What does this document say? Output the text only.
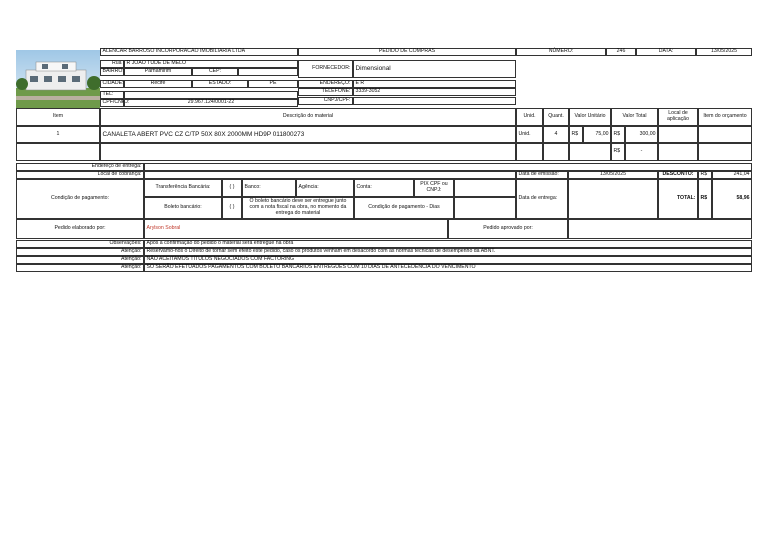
ALENCAR BARROSO INCORPORACAO IMOBILIARIA LTDA	PEDIDO DE COMPRAS	NÚMERO:	246	DATA:	13/05/2025
Rua R JOAO TUDE DE MELO
BAIRRO:	Parnamirim	CEP:
CIDADE:	Recife	ESTADO:	PE
TEL:
CPF/CNPJ:	29.967.124/0001-22
FORNECEDOR: Dimensional
ENDEREÇO: E R
TELEFONE: 3339-3052
CNPJ/CPF:
Item	Descrição do material	Unid.	Quant.	Valor Unitário	Valor Total	Local de aplicação	Item do orçamento
1	CANALETA ABERT PVC CZ C/TP 50X 80X 2000MM HD9P 011800273	Unid.	4	R$	75,00 R$	300,00
R$	-
Endereço de entrega:
Local de cobrança:
Condição de pagamento:
Transferência Bancária:	( )	Banco:	Agência:	Conta:	PIX CPF ou CNPJ:
Boleto bancário:	( )
O boleto bancário deve ser entregue junto com a nota fiscal na obra, no momento da entrega do material
Condição de pagamento - Dias
Data de emissão:	13/05/2025	DESCONTO:	R$	241,04
Data de entrega:	TOTAL: R$	58,96
Pedido elaborado por:	Arylson Sobral	Pedido aprovado por:
Observações: Após a confirmação do pedido o material será entregue na obra
Atenção: Reservamo-nos o Direito de tornar sem efeito este pedido, caso os produtos venham em desacordo com as normas técnicas de desempenho da ABNT.
Atenção: NÃO ACEITAMOS TÍTULOS NEGOCIADOS COM FACTORING
Atenção: SÓ SERÃO EFETUADOS PAGAMENTOS COM BOLETO BANCÁRIOS ENTREGUES COM 10 DIAS DE ANTECEDÊNCIA DO VENCIMENTO
